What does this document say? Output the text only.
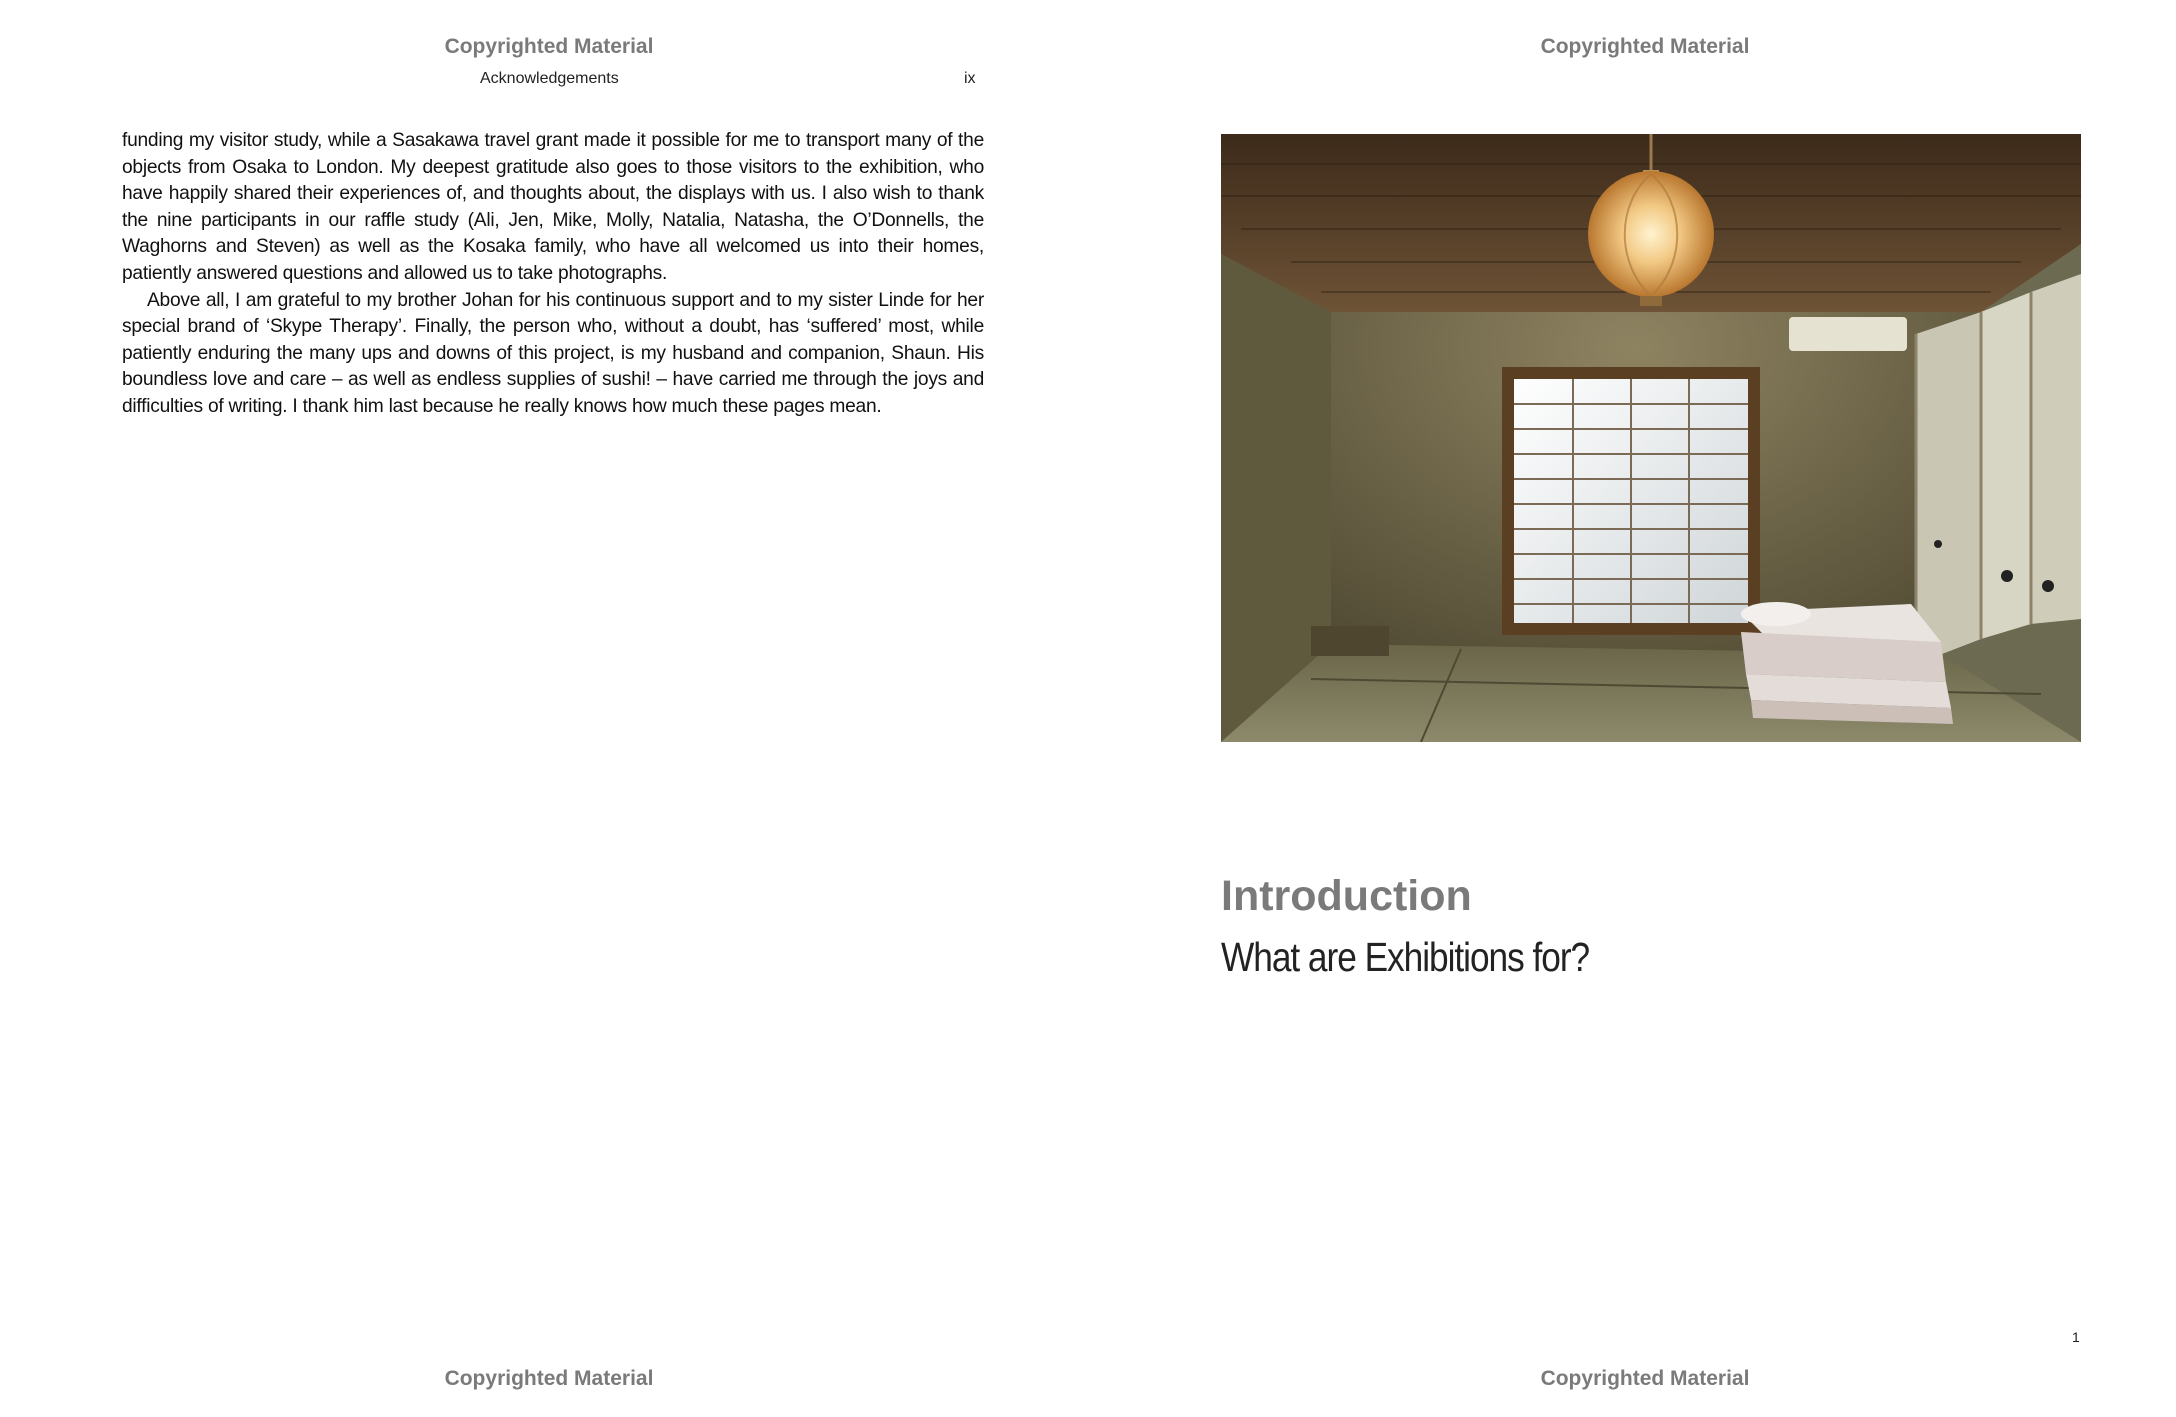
Copyrighted Material
Acknowledgements	ix

funding my visitor study, while a Sasakawa travel grant made it possible for me to transport many of the objects from Osaka to London. My deepest gratitude also goes to those visitors to the exhibition, who have happily shared their experiences of, and thoughts about, the displays with us. I also wish to thank the nine participants in our raffle study (Ali, Jen, Mike, Molly, Natalia, Natasha, the O’Donnells, the Waghorns and Steven) as well as the Kosaka family, who have all welcomed us into their homes, patiently answered questions and allowed us to take photographs.

Above all, I am grateful to my brother Johan for his continuous support and to my sister Linde for her special brand of ‘Skype Therapy’. Finally, the person who, without a doubt, has ‘suffered’ most, while patiently enduring the many ups and downs of this project, is my husband and companion, Shaun. His boundless love and care – as well as endless supplies of sushi! – have carried me through the joys and difficulties of writing. I thank him last because he really knows how much these pages mean.

Copyrighted Material
Copyrighted Material
Copyrighted Material
Introduction
What are Exhibitions for?
1
